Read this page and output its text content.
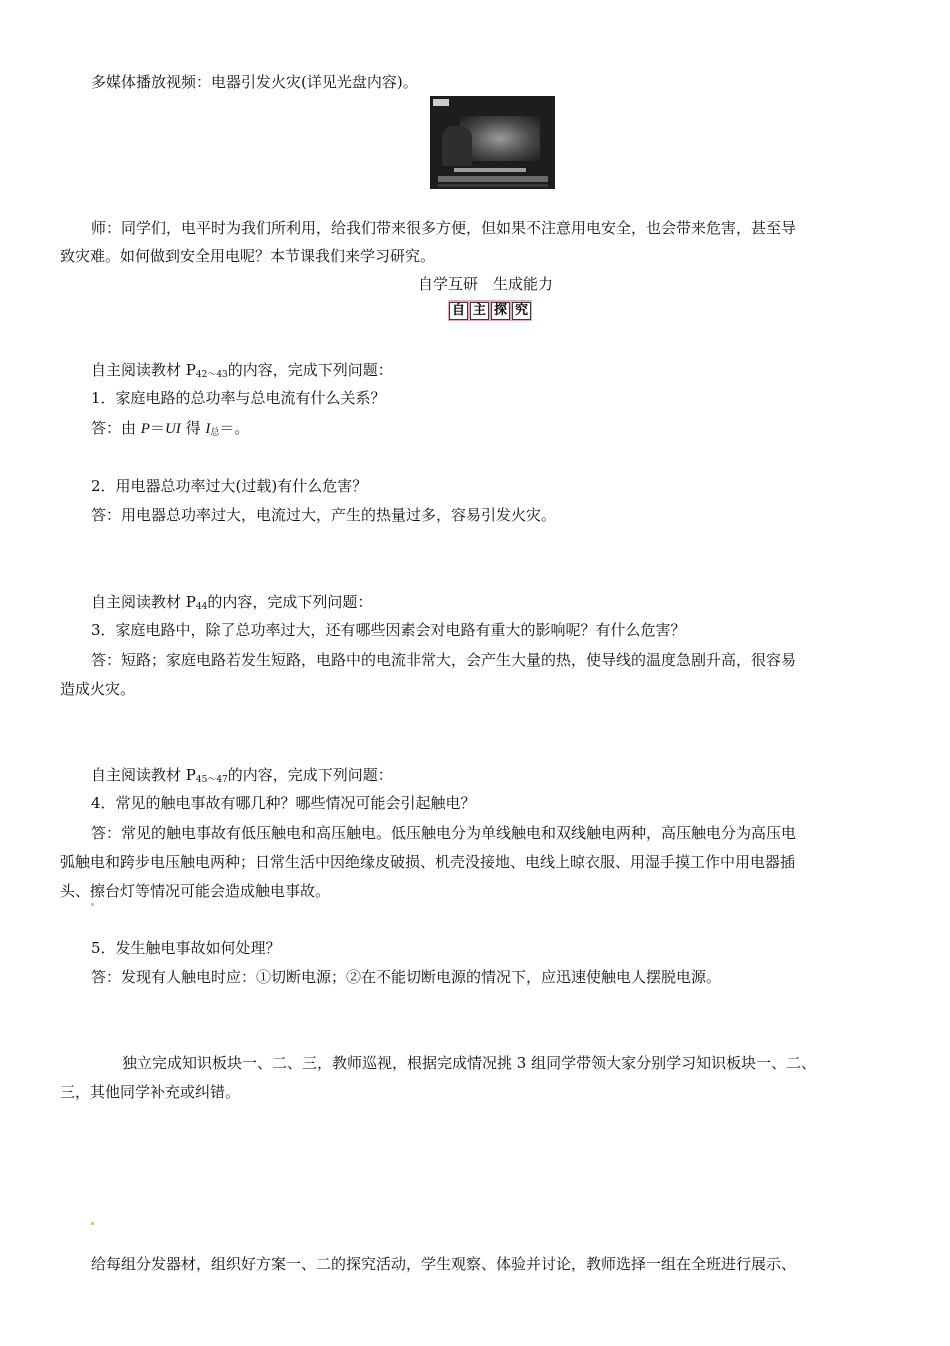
多媒体播放视频：电器引发火灾(详见光盘内容)。
师：同学们，电平时为我们所利用，给我们带来很多方便，但如果不注意用电安全，也会带来危害，甚至导
致灾难。如何做到安全用电呢？本节课我们来学习研究。
自学互研　生成能力
自 主 探 究
自主阅读教材 $P_{42\sim 43}$的内容，完成下列问题：
1．家庭电路的总功率与总电流有什么关系？
答：由 P＝UI 得 $I_总=$。
2．用电器总功率过大(过载)有什么危害？
答：用电器总功率过大，电流过大，产生的热量过多，容易引发火灾。
自主阅读教材 $P_{44}$的内容，完成下列问题：
3．家庭电路中，除了总功率过大，还有哪些因素会对电路有重大的影响呢？有什么危害？
答：短路；家庭电路若发生短路，电路中的电流非常大，会产生大量的热，使导线的温度急剧升高，很容易
造成火灾。
自主阅读教材 $P_{45\sim 47}$的内容，完成下列问题：
4．常见的触电事故有哪几种？哪些情况可能会引起触电？
答：常见的触电事故有低压触电和高压触电。低压触电分为单线触电和双线触电两种，高压触电分为高压电
弧触电和跨步电压触电两种；日常生活中因绝缘皮破损、机壳没接地、电线上晾衣服、用湿手摸工作中用电器插
头、擦台灯等情况可能会造成触电事故。
5．发生触电事故如何处理？
答：发现有人触电时应：①切断电源；②在不能切断电源的情况下，应迅速使触电人摆脱电源。
独立完成知识板块一、二、三，教师巡视，根据完成情况挑 3 组同学带领大家分别学习知识板块一、二、
三，其他同学补充或纠错。
给每组分发器材，组织好方案一、二的探究活动，学生观察、体验并讨论，教师选择一组在全班进行展示、
